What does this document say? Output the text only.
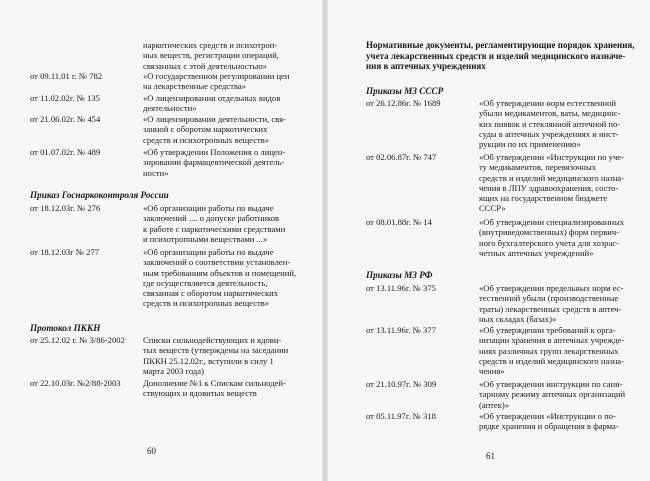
наркотических средств и психотроп-
ных веществ, регистрации операций,
связанных с этой деятельностью»
от 09.11.01 г. № 782	«О государственном регулировании цен
на лекарственные средства»
от 11.02.02г. № 135	«О лицензировании отдельных видов
деятельности»
от 21.06.02г. № 454	«О лицензировании деятельности, свя-
занной с оборотом наркотических
средств и психотропных веществ»
от 01.07.02г. № 489	«Об утверждении Положения о лицен-
зировании фармацевтической деятель-
ности»
Приказ Госнаркоконтроля России
от 18.12.03г. № 276	«Об организации работы по выдаче
заключений .... о допуске работников
к работе с наркотическими средствами
и психотропными веществами ...»
от 18.12.03г № 277	«Об организации работы по выдаче
заключений о соответствии установлен-
ным требованиям объектов и помещений,
где осуществляется деятельность,
связанная с оборотом наркотических
средств и психотропных веществ»
Протокол ПККН
от 25.12.02 г. № 3/86-2002 Списки сильнодействующих и ядови-
тых веществ (утверждены на заседании
ПККН 25.12.02г., вступили в силу 1
марта 2003 года)
от 22.10.03г. №2/88-2003	Дополнение №1 к Спискам сильнодей-
ствующих и ядовитых веществ
60
Нормативные документы, регламентирующие порядок хранения,
учета лекарственных средств и изделий медицинского назначе-
ния в аптечных учреждениях
Приказы МЗ СССР
от 26.12.86г. № 1689	«Об утверждении норм естественной
убыли медикаментов, ваты, медицинс-
ких пиявок и стеклянной аптечной по-
суды в аптечных учреждениях и инст-
рукции по их применению»
от 02.06.87г. № 747	«Об утверждении «Инструкции по уче-
ту медикаментов, перевязочных
средств и изделий медицинского назна-
чения в ЛПУ здравоохранения, состо-
ящих на государственном бюджете
СССР»
от 08.01.88г. № 14	«Об утверждении специализированных
(внутриведомственных) форм первич-
ного бухгалтерского учета для хозрас-
четных аптечных учреждений»
Приказы МЗ РФ
от 13.11.96г. № 375	«Об утверждении предельных норм ес-
тественной убыли (производственные
траты) лекарственных средств в аптеч-
ных складах (базах)»
от 13.11.96г. № 377	«Об утверждении требований к орга-
низации хранения в аптечных учрежде-
ниях различных групп лекарственных
средств и изделий медицинского назна-
чения»
от 21.10.97г. № 309	«Об утверждении инструкции по сани-
тарному режиму аптечных организаций
(аптек)»
от 05.11.97г. № 318	«Об утверждении «Инструкции о по-
рядке хранения и обращения в фарма-
61
